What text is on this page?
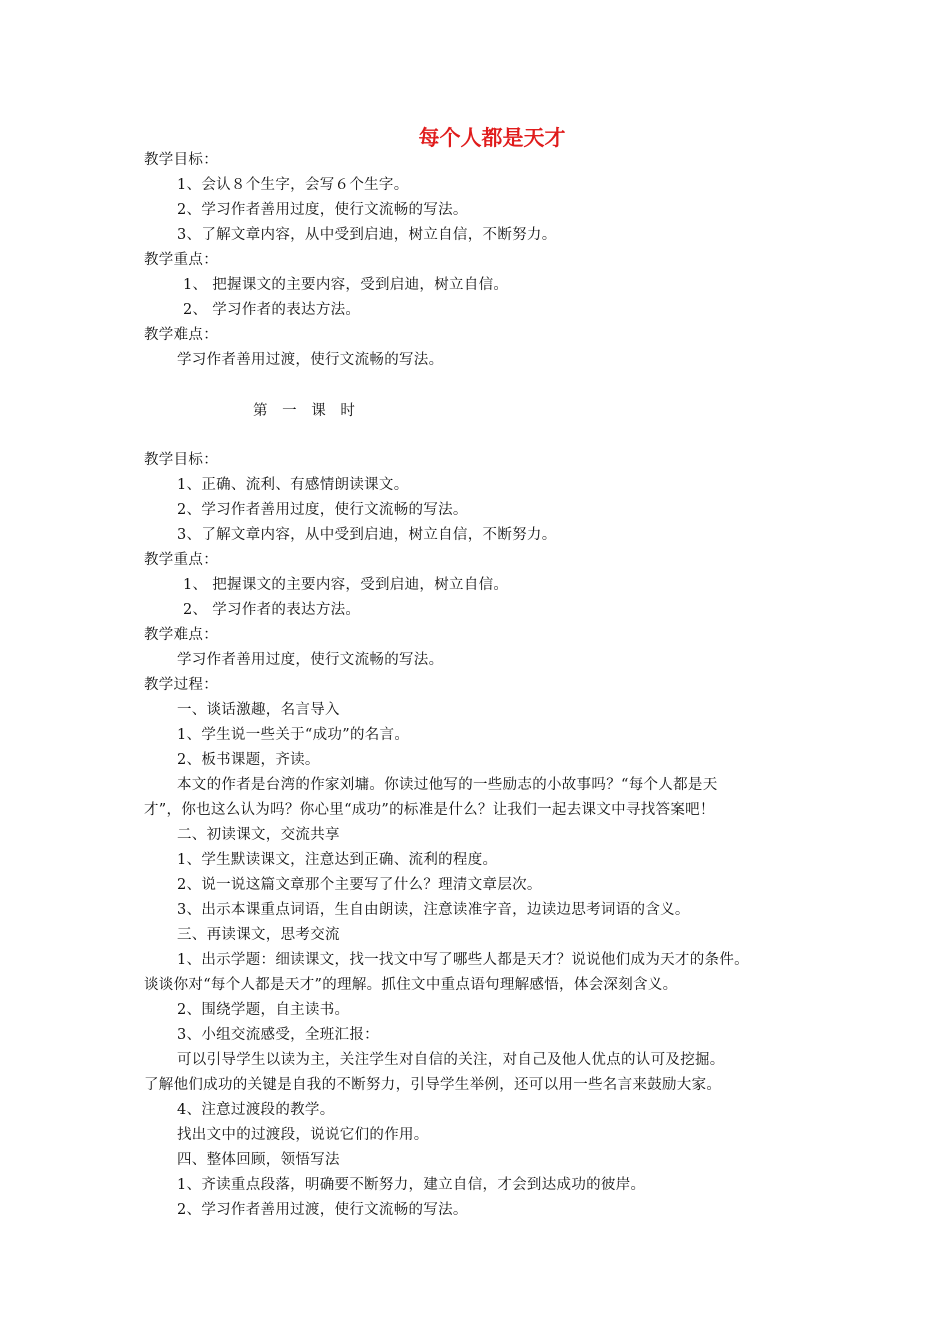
每个人都是天才
教学目标：
1、会认８个生字，会写６个生字。
2、学习作者善用过度，使行文流畅的写法。
3、了解文章内容，从中受到启迪，树立自信，不断努力。
教学重点：
1、 把握课文的主要内容，受到启迪，树立自信。
2、 学习作者的表达方法。
教学难点：
学习作者善用过渡，使行文流畅的写法。
第 一 课 时
教学目标：
1、正确、流利、有感情朗读课文。
2、学习作者善用过度，使行文流畅的写法。
3、了解文章内容，从中受到启迪，树立自信，不断努力。
教学重点：
1、 把握课文的主要内容，受到启迪，树立自信。
2、 学习作者的表达方法。
教学难点：
学习作者善用过度，使行文流畅的写法。
教学过程：
一、谈话激趣，名言导入
1、学生说一些关于“成功”的名言。
2、板书课题，齐读。
本文的作者是台湾的作家刘墉。你读过他写的一些励志的小故事吗？“每个人都是天
才”，你也这么认为吗？你心里“成功”的标准是什么？让我们一起去课文中寻找答案吧！
二、初读课文，交流共享
1、学生默读课文，注意达到正确、流利的程度。
2、说一说这篇文章那个主要写了什么？理清文章层次。
3、出示本课重点词语，生自由朗读，注意读准字音，边读边思考词语的含义。
三、再读课文，思考交流
1、出示学题：细读课文，找一找文中写了哪些人都是天才？说说他们成为天才的条件。
谈谈你对“每个人都是天才”的理解。抓住文中重点语句理解感悟，体会深刻含义。
2、围绕学题，自主读书。
3、小组交流感受，全班汇报：
可以引导学生以读为主，关注学生对自信的关注，对自己及他人优点的认可及挖掘。
了解他们成功的关键是自我的不断努力，引导学生举例，还可以用一些名言来鼓励大家。
4、注意过渡段的教学。
找出文中的过渡段，说说它们的作用。
四、整体回顾，领悟写法
1、齐读重点段落，明确要不断努力，建立自信，才会到达成功的彼岸。
2、学习作者善用过渡，使行文流畅的写法。
